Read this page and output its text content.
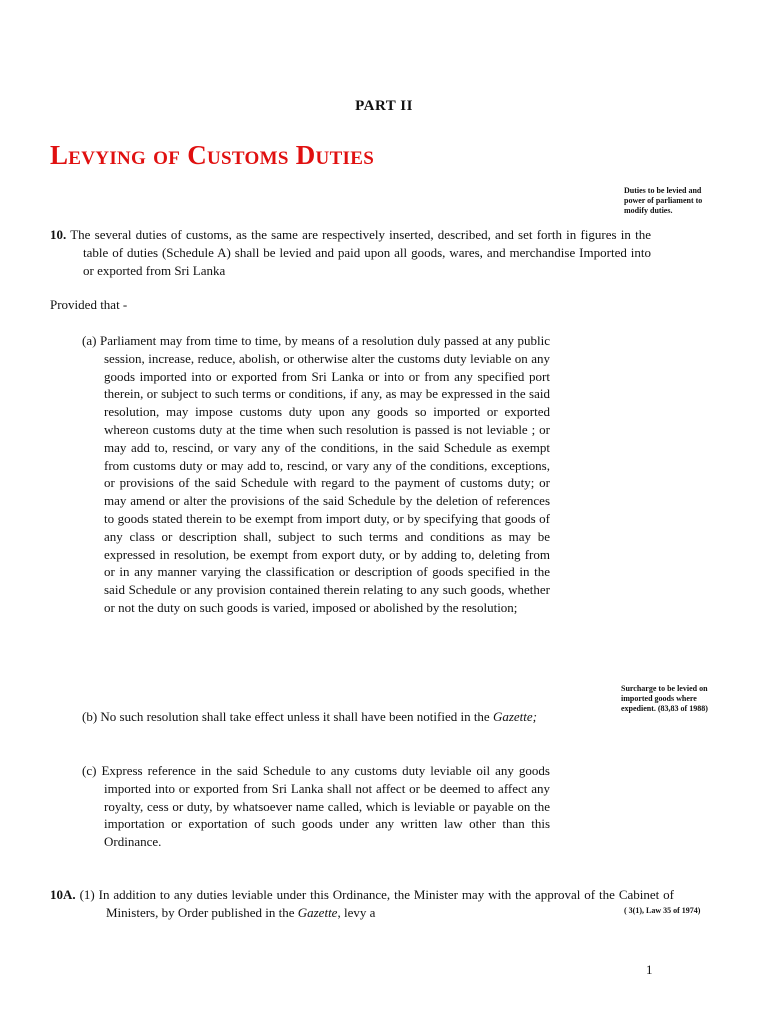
PART II
Levying of Customs Duties
Duties to be levied and power of parliament to modify duties.
10. The several duties of customs, as the same are respectively inserted, described, and set forth in figures in the table of duties (Schedule A) shall be levied and paid upon all goods, wares, and merchandise Imported into or exported from Sri Lanka
Provided that -
(a) Parliament may from time to time, by means of a resolution duly passed at any public session, increase, reduce, abolish, or otherwise alter the customs duty leviable on any goods imported into or exported from Sri Lanka or into or from any specified port therein, or subject to such terms or conditions, if any, as may be expressed in the said resolution, may impose customs duty upon any goods so imported or exported whereon customs duty at the time when such resolution is passed is not leviable ; or may add to, rescind, or vary any of the conditions, in the said Schedule as exempt from customs duty or may add to, rescind, or vary any of the conditions, exceptions, or provisions of the said Schedule with regard to the payment of customs duty; or may amend or alter the provisions of the said Schedule by the deletion of references to goods stated therein to be exempt from import duty, or by specifying that goods of any class or description shall, subject to such terms and conditions as may be expressed in resolution, be exempt from export duty, or by adding to, deleting from or in any manner varying the classification or description of goods specified in the said Schedule or any provision contained therein relating to any such goods, whether or not the duty on such goods is varied, imposed or abolished by the resolution;
Surcharge to be levied on imported goods where expedient. (83,83 of 1988)
(b) No such resolution shall take effect unless it shall have been notified in the Gazette;
(c) Express reference in the said Schedule to any customs duty leviable oil any goods imported into or exported from Sri Lanka shall not affect or be deemed to affect any royalty, cess or duty, by whatsoever name called, which is leviable or payable on the importation or exportation of such goods under any written law other than this Ordinance.
10A. (1) In addition to any duties leviable under this Ordinance, the Minister may with the approval of the Cabinet of Ministers, by Order published in the Gazette, levy a	( 3(1), Law 35 of 1974)
1
